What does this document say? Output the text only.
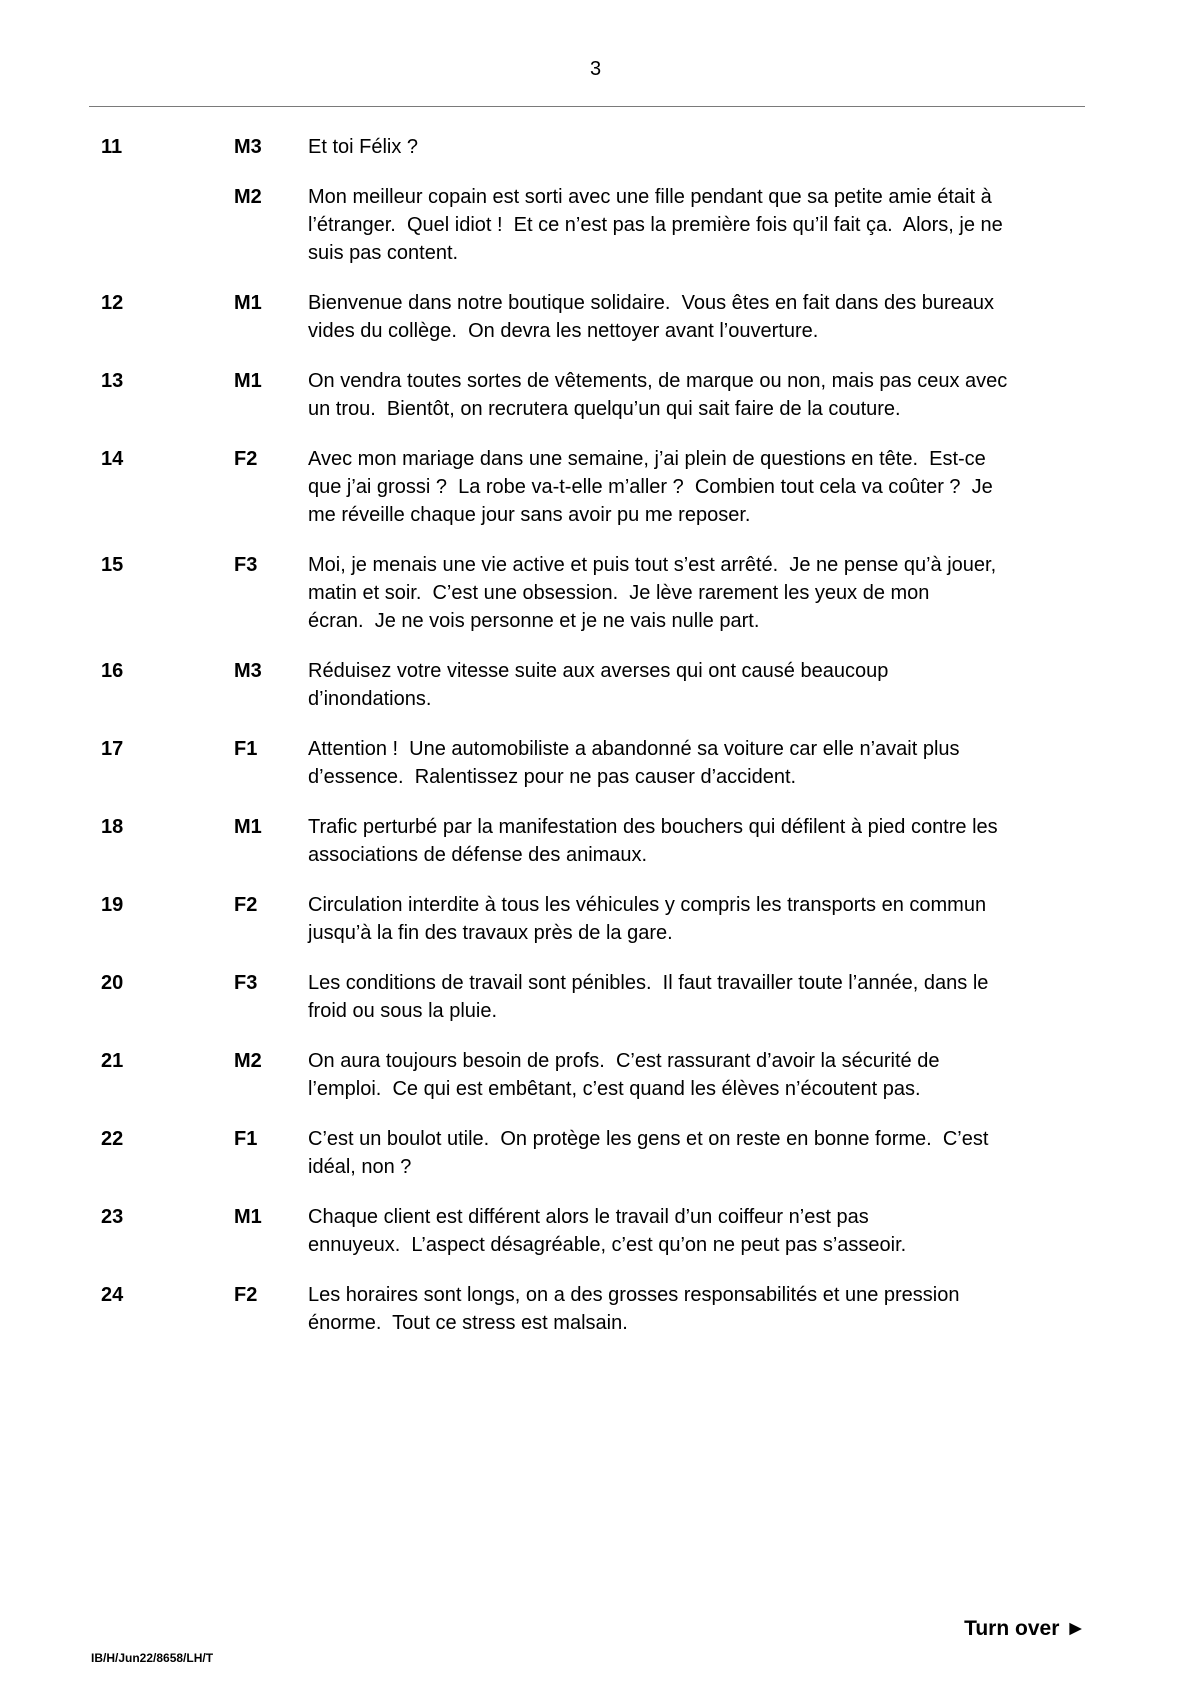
3
11	M3 Et toi Félix ?
M2 Mon meilleur copain est sorti avec une fille pendant que sa petite amie était à
l’étranger.  Quel idiot !  Et ce n’est pas la première fois qu’il fait ça.  Alors, je ne
suis pas content.
12	M1 Bienvenue dans notre boutique solidaire.  Vous êtes en fait dans des bureaux
vides du collège.  On devra les nettoyer avant l’ouverture.
13	M1 On vendra toutes sortes de vêtements, de marque ou non, mais pas ceux avec
un trou.  Bientôt, on recrutera quelqu’un qui sait faire de la couture.
14	F2	Avec mon mariage dans une semaine, j’ai plein de questions en tête.  Est-ce
que j’ai grossi ?  La robe va-t-elle m’aller ?  Combien tout cela va coûter ?  Je
me réveille chaque jour sans avoir pu me reposer.
15	F3	Moi, je menais une vie active et puis tout s’est arrêté.  Je ne pense qu’à jouer,
matin et soir.  C’est une obsession.  Je lève rarement les yeux de mon
écran.  Je ne vois personne et je ne vais nulle part.
16	M3 Réduisez votre vitesse suite aux averses qui ont causé beaucoup
d’inondations.
17	F1	Attention !  Une automobiliste a abandonné sa voiture car elle n’avait plus
d’essence.  Ralentissez pour ne pas causer d’accident.
18	M1 Trafic perturbé par la manifestation des bouchers qui défilent à pied contre les
associations de défense des animaux.
19	F2	Circulation interdite à tous les véhicules y compris les transports en commun
jusqu’à la fin des travaux près de la gare.
20	F3	Les conditions de travail sont pénibles.  Il faut travailler toute l’année, dans le
froid ou sous la pluie.
21	M2 On aura toujours besoin de profs.  C’est rassurant d’avoir la sécurité de
l’emploi.  Ce qui est embêtant, c’est quand les élèves n’écoutent pas.
22	F1	C’est un boulot utile.  On protège les gens et on reste en bonne forme.  C’est
idéal, non ?
23	M1 Chaque client est différent alors le travail d’un coiffeur n’est pas
ennuyeux.  L’aspect désagréable, c’est qu’on ne peut pas s’asseoir.
24	F2	Les horaires sont longs, on a des grosses responsabilités et une pression
énorme.  Tout ce stress est malsain.
Turn over ►
IB/H/Jun22/8658/LH/T
